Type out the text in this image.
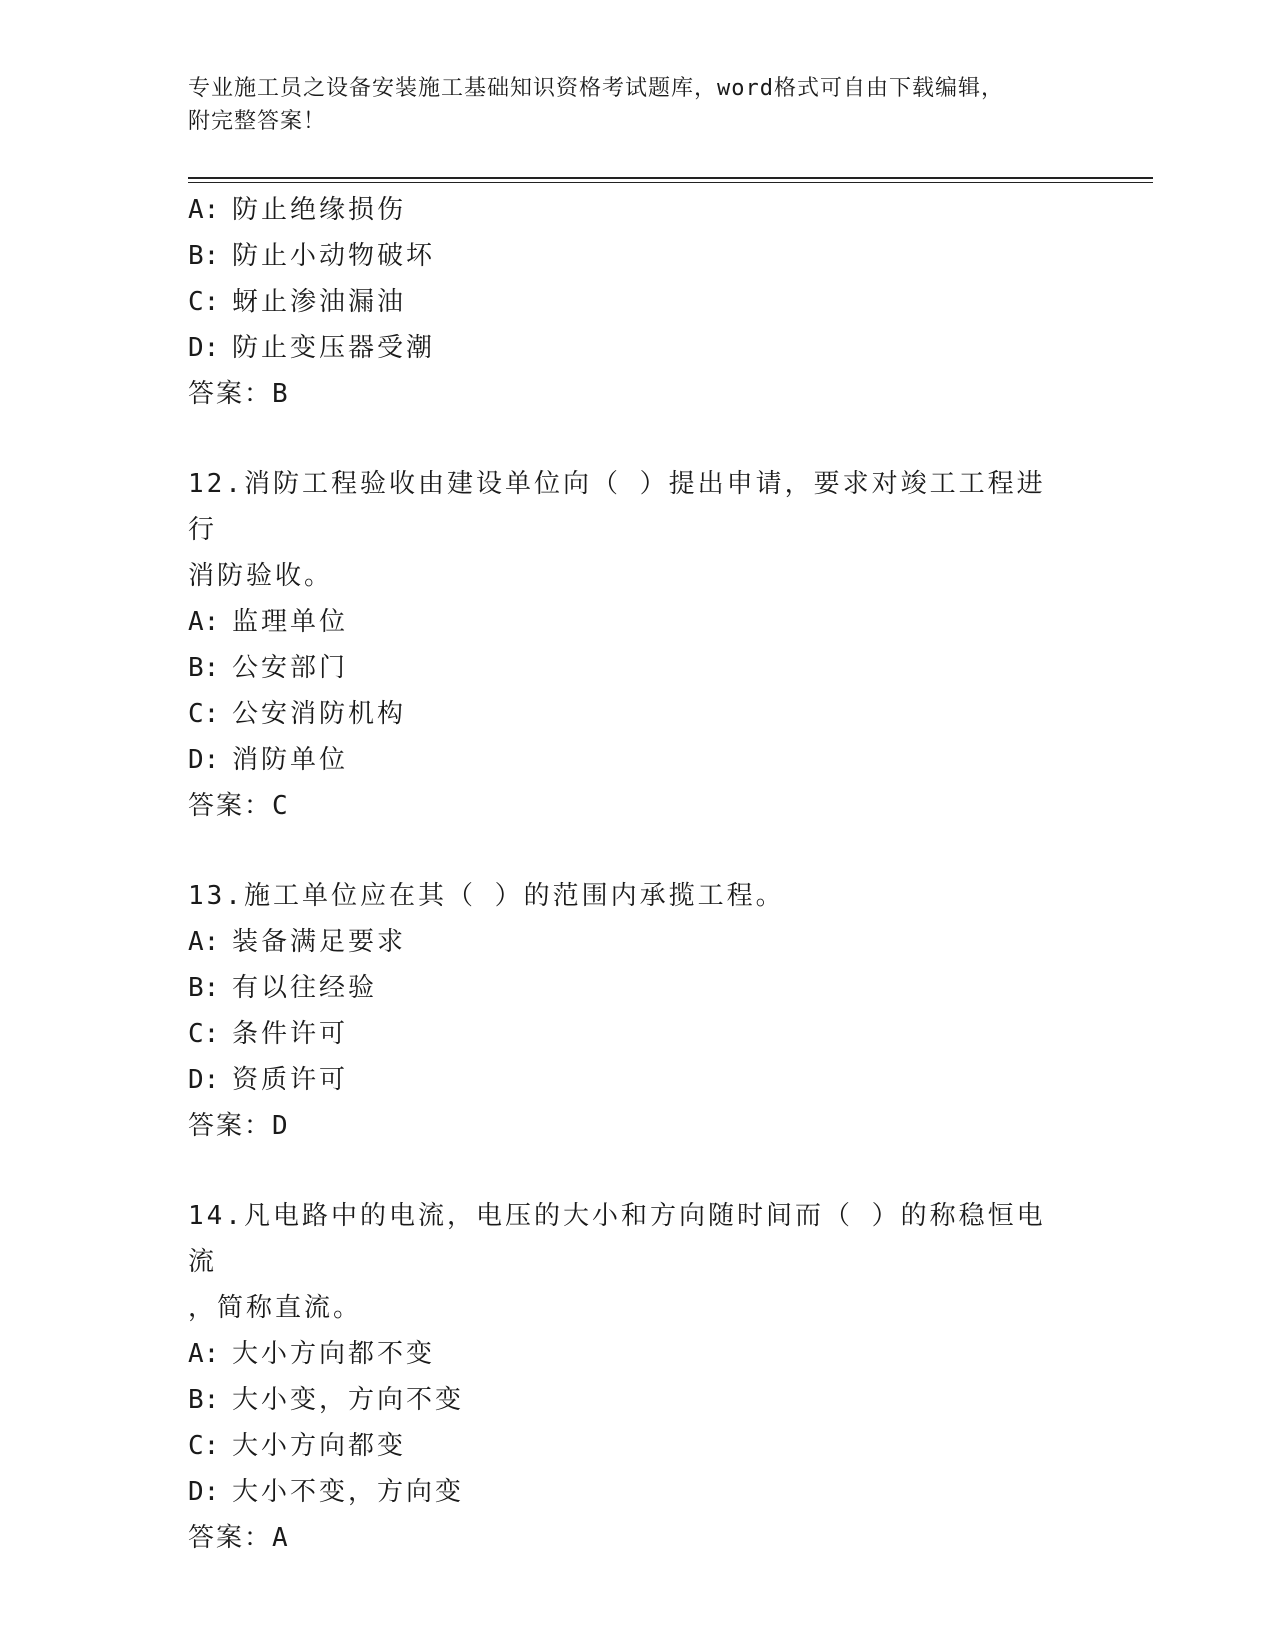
专业施工员之设备安装施工基础知识资格考试题库，word格式可自由下载编辑，
附完整答案！
A: 防止绝缘损伤
B: 防止小动物破坏
C: 蚜止渗油漏油
D: 防止变压器受潮
答案：B
12.消防工程验收由建设单位向（ ）提出申请，要求对竣工工程进行
消防验收。
A: 监理单位
B: 公安部门
C: 公安消防机构
D: 消防单位
答案：C
13.施工单位应在其（ ）的范围内承揽工程。
A: 装备满足要求
B: 有以往经验
C: 条件许可
D: 资质许可
答案：D
14.凡电路中的电流，电压的大小和方向随时间而（ ）的称稳恒电流
，简称直流。
A: 大小方向都不变
B: 大小变，方向不变
C: 大小方向都变
D: 大小不变，方向变
答案：A
